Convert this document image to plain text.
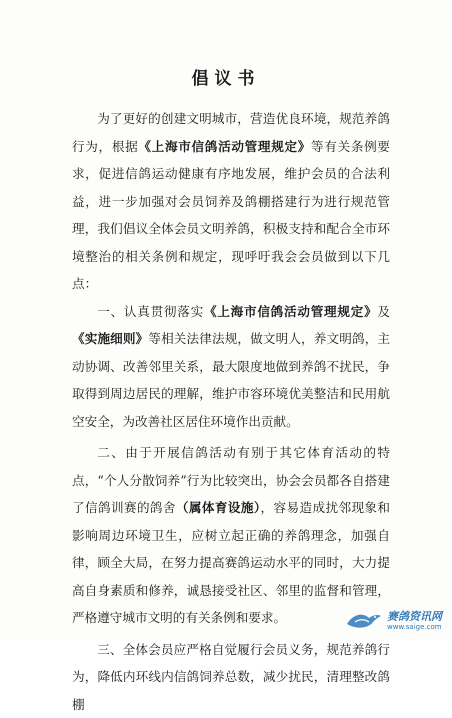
倡议书

为了更好的创建文明城市，营造优良环境，规范养鸽行为，根据《上海市信鸽活动管理规定》等有关条例要求，促进信鸽运动健康有序地发展，维护会员的合法利益，进一步加强对会员饲养及鸽棚搭建行为进行规范管理，我们倡议全体会员文明养鸽，积极支持和配合全市环境整治的相关条例和规定，现呼吁我会会员做到以下几点：

一、认真贯彻落实《上海市信鸽活动管理规定》及《实施细则》等相关法律法规，做文明人，养文明鸽，主动协调、改善邻里关系，最大限度地做到养鸽不扰民，争取得到周边居民的理解，维护市容环境优美整洁和民用航空安全，为改善社区居住环境作出贡献。

二、由于开展信鸽活动有别于其它体育活动的特点，“个人分散饲养”行为比较突出，协会会员都各自搭建了信鸽训赛的鸽舍（属体育设施），容易造成扰邻现象和影响周边环境卫生，应树立起正确的养鸽理念，加强自律，顾全大局，在努力提高赛鸽运动水平的同时，大力提高自身素质和修养，诚恳接受社区、邻里的监督和管理，严格遵守城市文明的有关条例和要求。

三、全体会员应严格自觉履行会员义务，规范养鸽行为，降低内环线内信鸽饲养总数，减少扰民，清理整改鸽棚

赛鸽资讯网
www.saige.com
